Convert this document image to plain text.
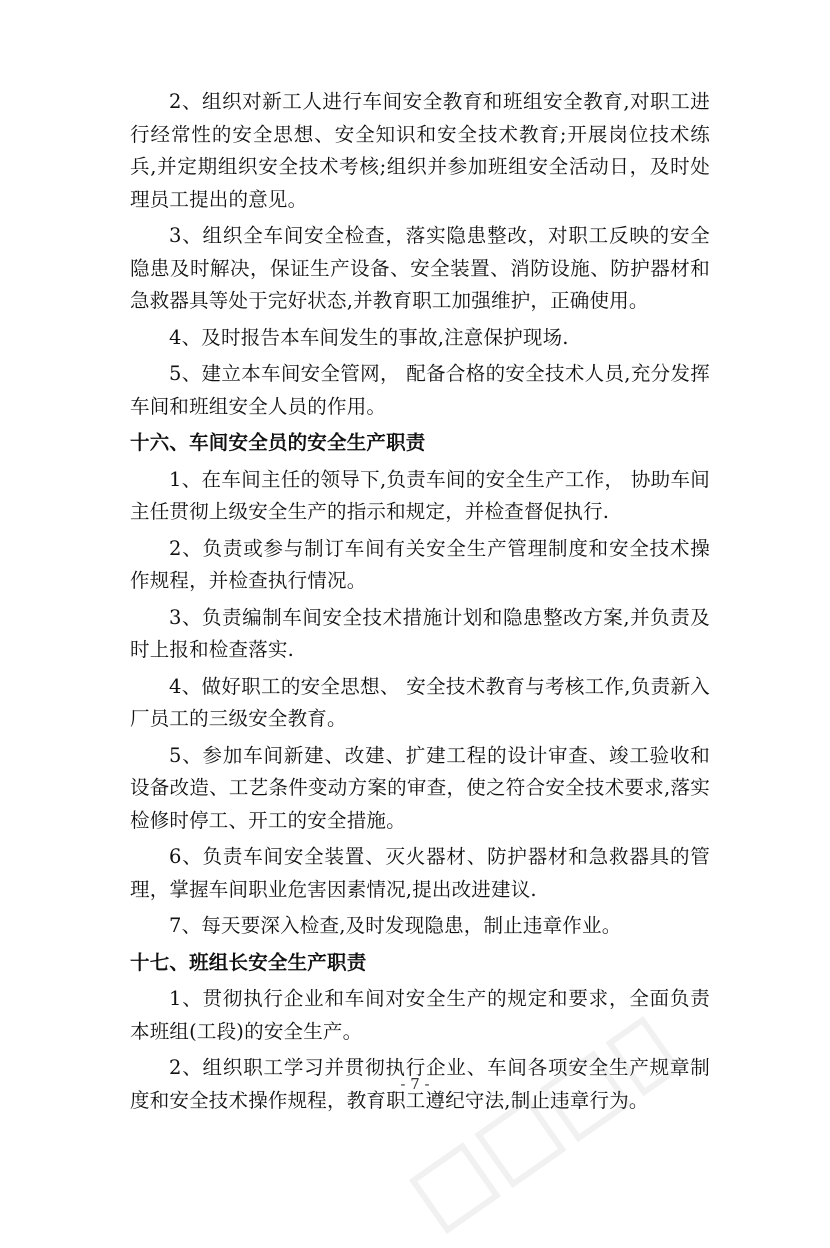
2、组织对新工人进行车间安全教育和班组安全教育,对职工进行经常性的安全思想、安全知识和安全技术教育;开展岗位技术练兵,并定期组织安全技术考核;组织并参加班组安全活动日，及时处理员工提出的意见。

3、组织全车间安全检查，落实隐患整改，对职工反映的安全隐患及时解决，保证生产设备、安全装置、消防设施、防护器材和急救器具等处于完好状态,并教育职工加强维护，正确使用。

4、及时报告本车间发生的事故,注意保护现场.

5、建立本车间安全管网， 配备合格的安全技术人员,充分发挥车间和班组安全人员的作用。

十六、车间安全员的安全生产职责

1、在车间主任的领导下,负责车间的安全生产工作， 协助车间主任贯彻上级安全生产的指示和规定，并检查督促执行.

2、负责或参与制订车间有关安全生产管理制度和安全技术操作规程，并检查执行情况。

3、负责编制车间安全技术措施计划和隐患整改方案,并负责及时上报和检查落实.

4、做好职工的安全思想、 安全技术教育与考核工作,负责新入厂员工的三级安全教育。

5、参加车间新建、改建、扩建工程的设计审查、竣工验收和设备改造、工艺条件变动方案的审查，使之符合安全技术要求,落实检修时停工、开工的安全措施。

6、负责车间安全装置、灭火器材、防护器材和急救器具的管理，掌握车间职业危害因素情况,提出改进建议.

7、每天要深入检查,及时发现隐患，制止违章作业。

十七、班组长安全生产职责

1、贯彻执行企业和车间对安全生产的规定和要求，全面负责本班组(工段)的安全生产。

2、组织职工学习并贯彻执行企业、车间各项安全生产规章制度和安全技术操作规程，教育职工遵纪守法,制止违章行为。

- 7 -
